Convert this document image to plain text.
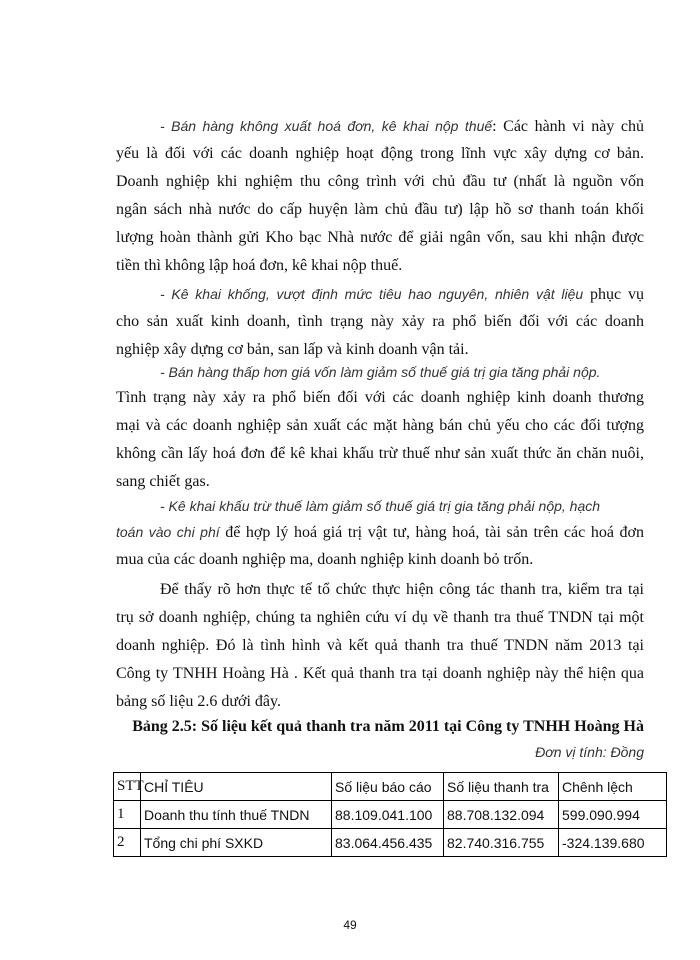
- Bán hàng không xuất hoá đơn, kê khai nộp thuế: Các hành vi này chủ
yếu là đối với các doanh nghiệp hoạt động trong lĩnh vực xây dựng cơ bản.
Doanh nghiệp khi nghiệm thu công trình với chủ đầu tư (nhất là nguồn vốn
ngân sách nhà nước do cấp huyện làm chủ đầu tư) lập hồ sơ thanh toán khối
lượng hoàn thành gửi Kho bạc Nhà nước để giải ngân vốn, sau khi nhận được
tiền thì không lập hoá đơn, kê khai nộp thuế.
- Kê khai khống, vượt định mức tiêu hao nguyên, nhiên vật liệu phục vụ
cho sản xuất kinh doanh, tình trạng này xảy ra phổ biến đối với các doanh
nghiệp xây dựng cơ bản, san lấp và kinh doanh vận tải.
- Bán hàng thấp hơn giá vốn làm giảm số thuế giá trị gia tăng phải nộp.
Tình trạng này xảy ra phổ biến đối với các doanh nghiệp kinh doanh thương
mại và các doanh nghiệp sản xuất các mặt hàng bán chủ yếu cho các đối tượng
không cần lấy hoá đơn để kê khai khấu trừ thuế như sản xuất thức ăn chăn nuôi,
sang chiết gas.
- Kê khai khấu trừ thuế làm giảm số thuế giá trị gia tăng phải nộp, hạch
toán vào chi phí để hợp lý hoá giá trị vật tư, hàng hoá, tài sản trên các hoá đơn
mua của các doanh nghiệp ma, doanh nghiệp kinh doanh bỏ trốn.
Để thấy rõ hơn thực tế tổ chức thực hiện công tác thanh tra, kiểm tra tại
trụ sở doanh nghiệp, chúng ta nghiên cứu ví dụ về thanh tra thuế TNDN tại một
doanh nghiệp. Đó là tình hình và kết quả thanh tra thuế TNDN năm 2013 tại
Công ty TNHH Hoàng Hà . Kết quả thanh tra tại doanh nghiệp này thể hiện qua
bảng số liệu 2.6 dưới đây.
Bảng 2.5: Số liệu kết quả thanh tra năm 2011 tại Công ty TNHH Hoàng Hà
Đơn vị tính: Đồng
STT	CHỈ TIÊU	Số liệu báo cáo	Số liệu thanh tra	Chênh lệch
1	Doanh thu tính thuế TNDN	88.109.041.100	88.708.132.094	599.090.994
2	Tổng chi phí SXKD	83.064.456.435	82.740.316.755	-324.139.680
49
